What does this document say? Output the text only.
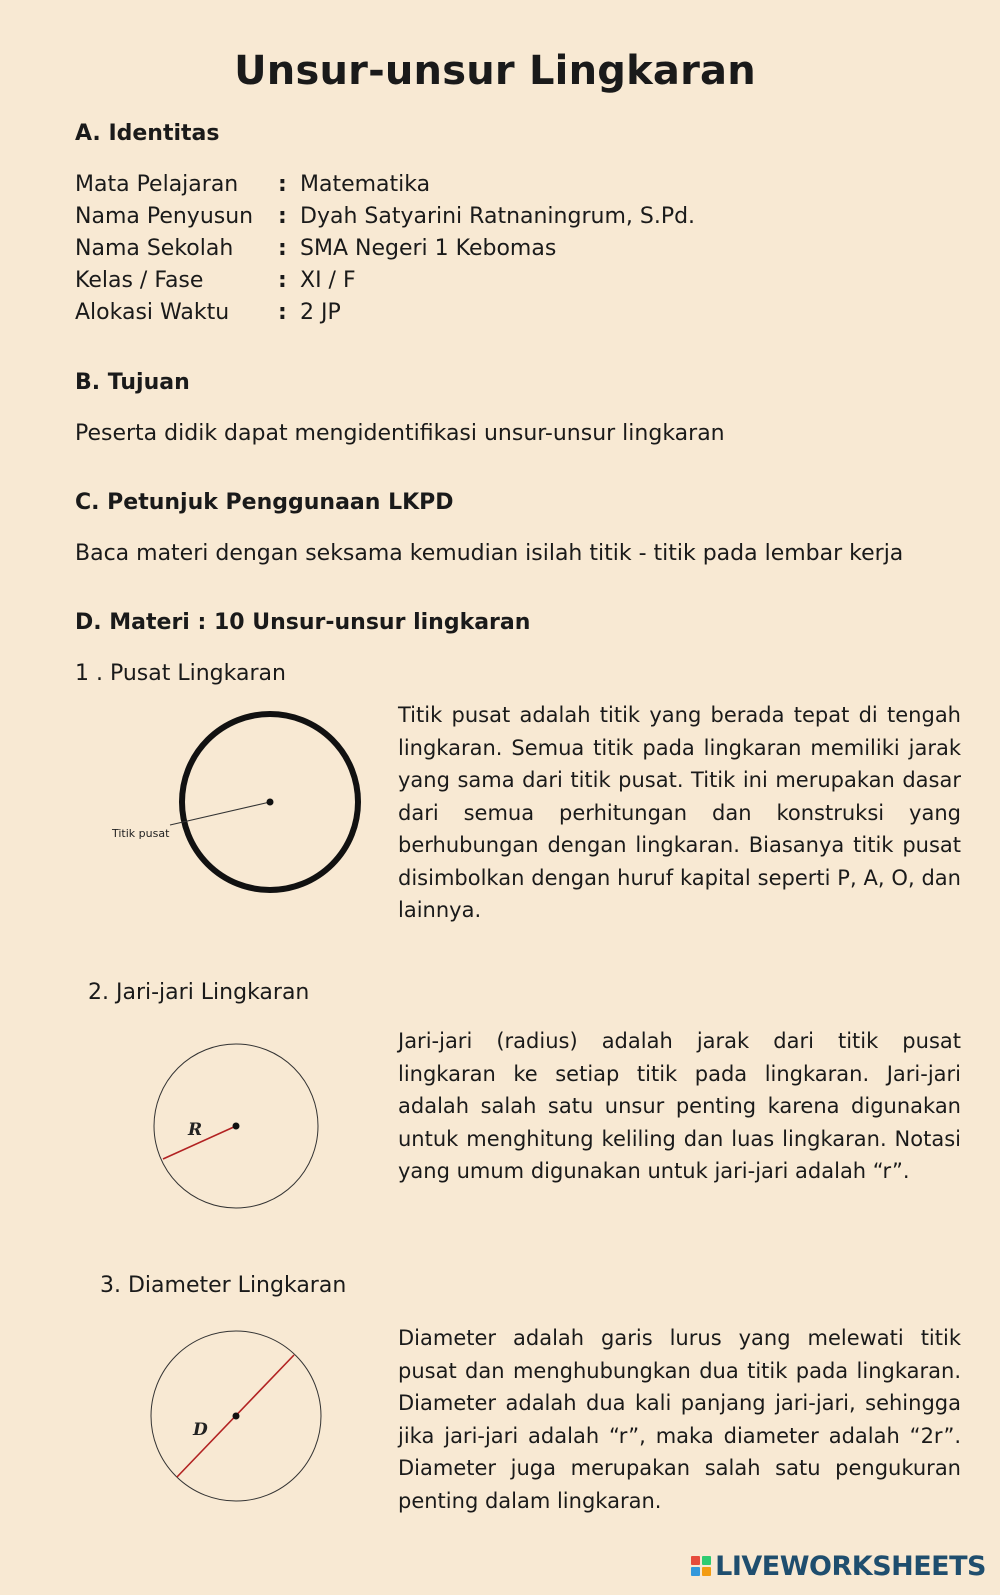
Unsur-unsur Lingkaran
A. Identitas
Mata Pelajaran : Matematika
Nama Penyusun : Dyah Satyarini Ratnaningrum, S.Pd.
Nama Sekolah : SMA Negeri 1 Kebomas
Kelas / Fase	: XI / F
Alokasi Waktu : 2 JP
B. Tujuan
Peserta didik dapat mengidentifikasi unsur-unsur lingkaran
C. Petunjuk Penggunaan LKPD
Baca materi dengan seksama kemudian isilah titik - titik pada lembar kerja
D. Materi : 10 Unsur-unsur lingkaran
1 . Pusat Lingkaran
Titik pusat

Titik pusat adalah titik yang berada tepat di tengah lingkaran. Semua titik pada lingkaran memiliki jarak yang sama dari titik pusat. Titik ini merupakan dasar dari semua perhitungan dan konstruksi yang berhubungan dengan lingkaran. Biasanya titik pusat disimbolkan dengan huruf kapital seperti P, A, O, dan lainnya.

2. Jari-jari Lingkaran
R

Jari-jari (radius) adalah jarak dari titik pusat lingkaran ke setiap titik pada lingkaran. Jari-jari adalah salah satu unsur penting karena digunakan untuk menghitung keliling dan luas lingkaran. Notasi yang umum digunakan untuk jari-jari adalah “r”.

3. Diameter Lingkaran
D

Diameter adalah garis lurus yang melewati titik pusat dan menghubungkan dua titik pada lingkaran. Diameter adalah dua kali panjang jari-jari, sehingga jika jari-jari adalah “r”, maka diameter adalah “2r”. Diameter juga merupakan salah satu pengukuran penting dalam lingkaran.

LIVEWORKSHEETS
